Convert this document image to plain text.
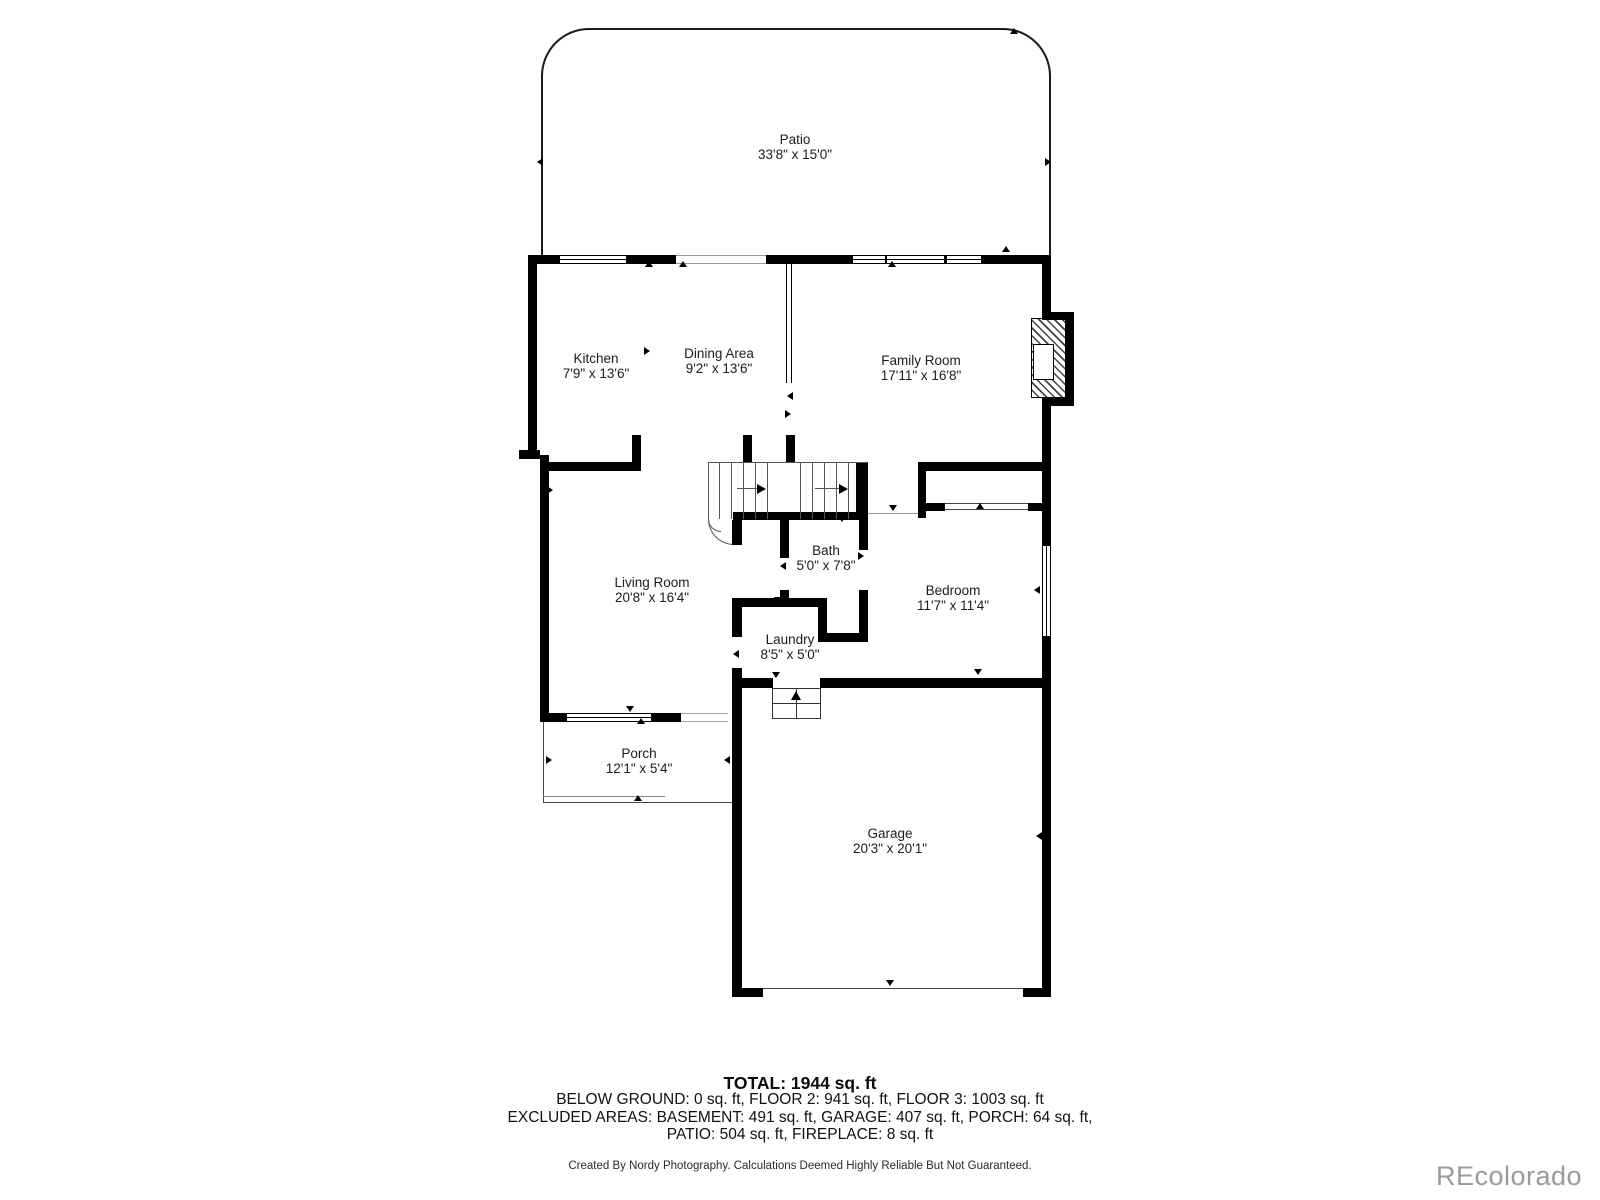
Patio
33'8" x 15'0"
Kitchen
7'9" x 13'6"
Dining Area
9'2" x 13'6"
Family Room
17'11" x 16'8"
Living Room
20'8" x 16'4"
Bath
5'0" x 7'8"
Bedroom
11'7" x 11'4"
Laundry
8'5" x 5'0"
Porch
12'1" x 5'4"
Garage
20'3" x 20'1"
TOTAL: 1944 sq. ft
BELOW GROUND: 0 sq. ft, FLOOR 2: 941 sq. ft, FLOOR 3: 1003 sq. ft
EXCLUDED AREAS: BASEMENT: 491 sq. ft, GARAGE: 407 sq. ft, PORCH: 64 sq. ft,
PATIO: 504 sq. ft, FIREPLACE: 8 sq. ft
Created By Nordy Photography. Calculations Deemed Highly Reliable But Not Guaranteed.	REcolorado
